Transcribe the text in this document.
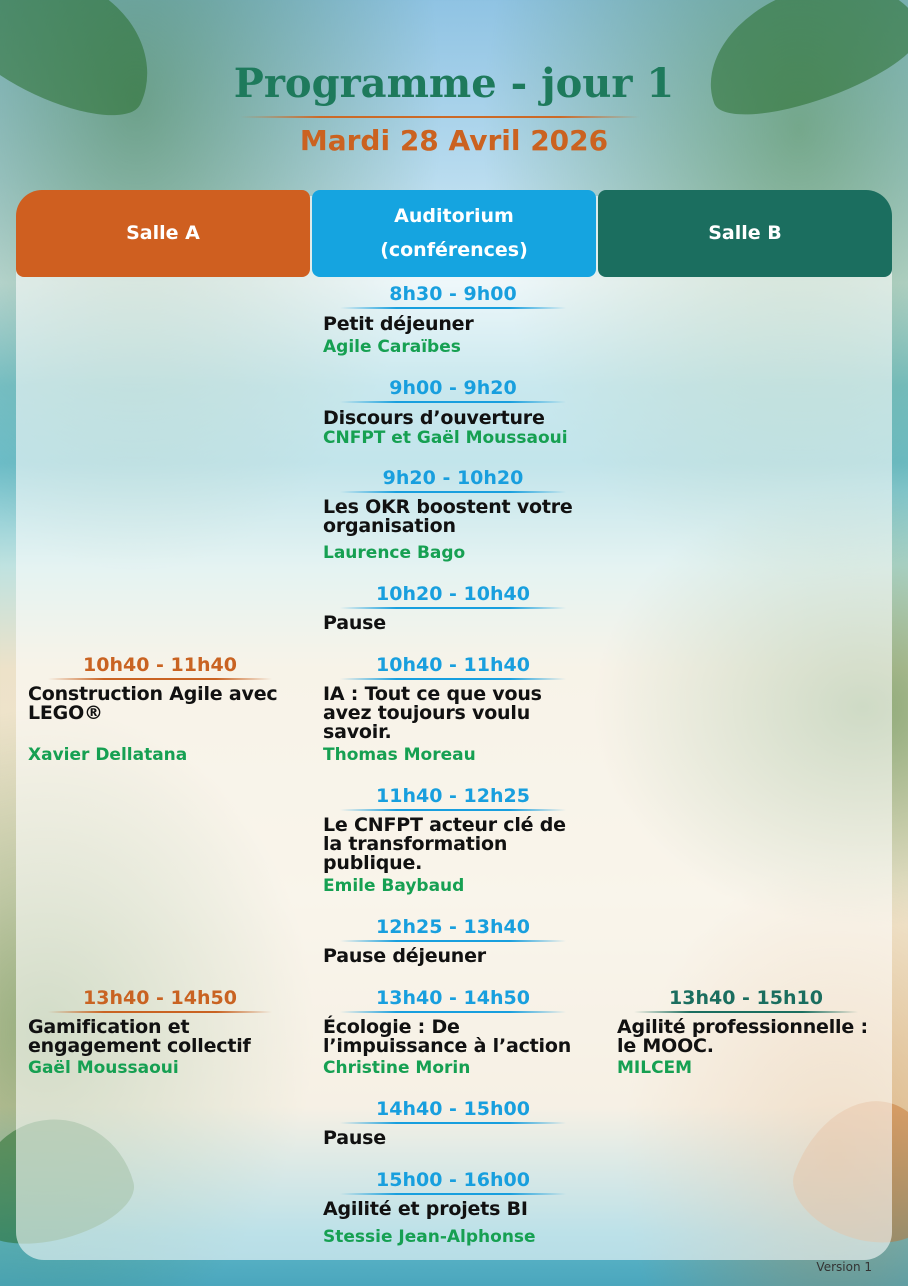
Programme - jour 1
Mardi 28 Avril 2026
Salle A
Auditorium
(conférences)
Salle B
8h30 - 9h00
Petit déjeuner
Agile Caraïbes
9h00 - 9h20
Discours d’ouverture
CNFPT et Gaël Moussaoui
9h20 - 10h20
Les OKR boostent votre
organisation
Laurence Bago
10h20 - 10h40
Pause
10h40 - 11h40
IA : Tout ce que vous
avez toujours voulu
savoir.
Thomas Moreau
11h40 - 12h25
Le CNFPT acteur clé de
la transformation
publique.
Emile Baybaud
12h25 - 13h40
Pause déjeuner
13h40 - 14h50
Écologie : De
l’impuissance à l’action
Christine Morin
14h40 - 15h00
Pause
15h00 - 16h00
Agilité et projets BI
Stessie Jean-Alphonse
10h40 - 11h40
Construction Agile avec
LEGO®
Xavier Dellatana
13h40 - 14h50
Gamification et
engagement collectif
Gaël Moussaoui
13h40 - 15h10
Agilité professionnelle :
le MOOC.
MILCEM
Version 1
